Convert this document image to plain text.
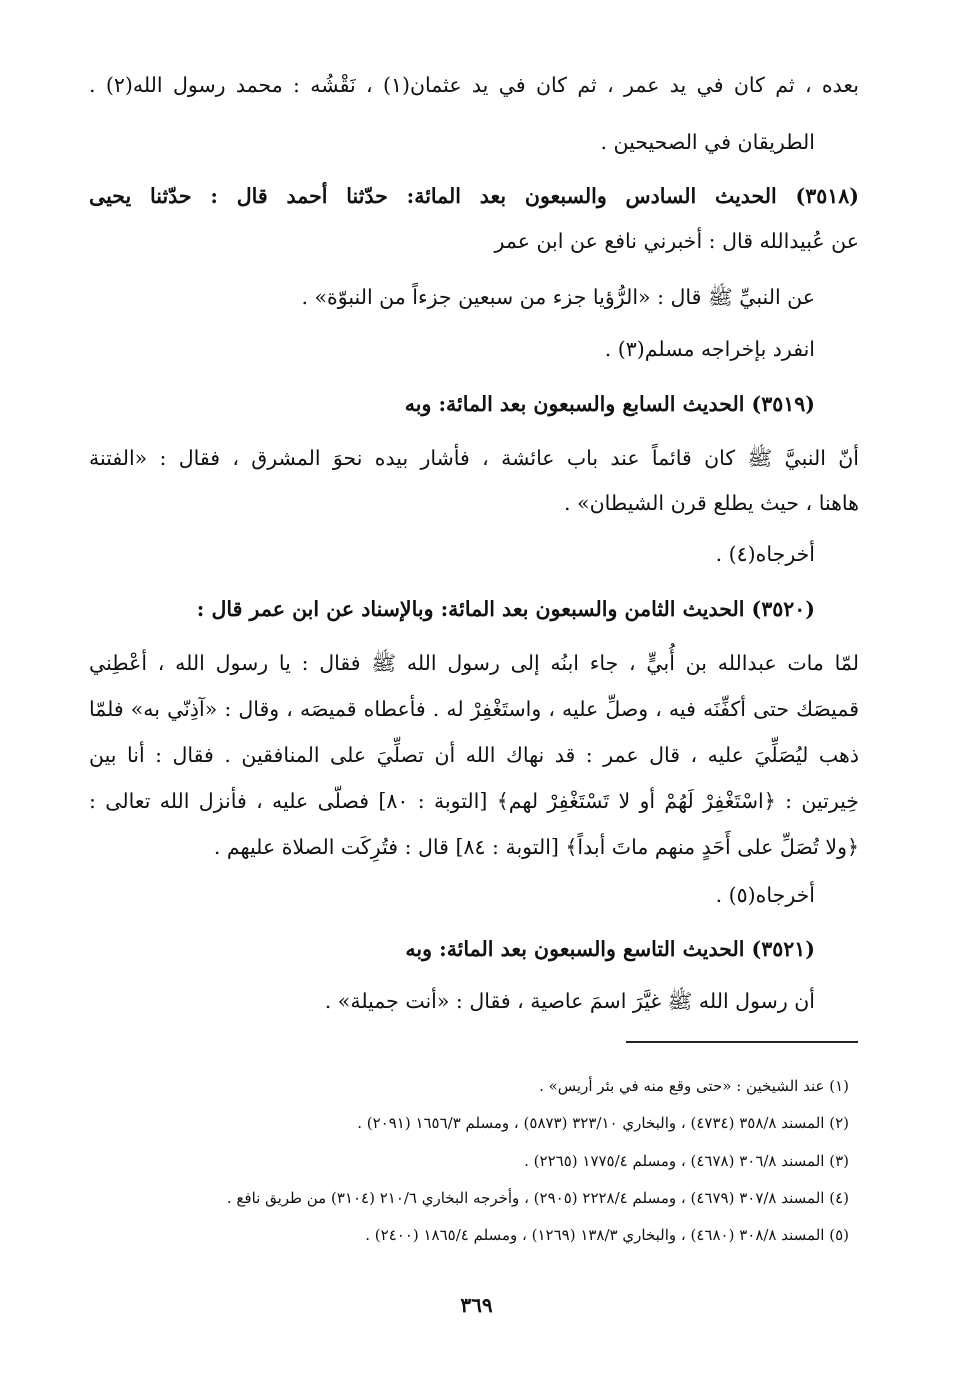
بعده ، ثم كان في يد عمر ، ثم كان في يد عثمان(١) ، نَقْشُه : محمد رسول الله(٢) .
الطريقان في الصحيحين .
(٣٥١٨) الحديث السادس والسبعون بعد المائة: حدّثنا أحمد قال : حدّثنا يحيى
عن عُبيدالله قال : أخبرني نافع عن ابن عمر
عن النبيِّ ﷺ قال : «الرُّؤيا جزء من سبعين جزءاً من النبوّة» .
انفرد بإخراجه مسلم(٣) .
(٣٥١٩) الحديث السابع والسبعون بعد المائة: وبه
أنّ النبيَّ ﷺ كان قائماً عند باب عائشة ، فأشار بيده نحوَ المشرق ، فقال : «الفتنة
هاهنا ، حيث يطلع قرن الشيطان» .
أخرجاه(٤) .
(٣٥٢٠) الحديث الثامن والسبعون بعد المائة: وبالإسناد عن ابن عمر قال :
لمّا مات عبدالله بن أُبيٍّ ، جاء ابنُه إلى رسول الله ﷺ فقال : يا رسول الله ، أعْطِني
قميصَك حتى أكفِّنَه فيه ، وصلِّ عليه ، واستَغْفِرْ له . فأعطاه قميصَه ، وقال : «آذِنّي به» فلمّا
ذهب ليُصَلِّيَ عليه ، قال عمر : قد نهاك الله أن تصلِّيَ على المنافقين . فقال : أنا بين
خِيرتين : ﴿اسْتَغْفِرْ لَهُمْ أو لا تَسْتَغْفِرْ لهم﴾ [التوبة : ٨٠] فصلّى عليه ، فأنزل الله تعالى :
﴿ولا تُصَلِّ على أَحَدٍ منهم ماتَ أبداً﴾ [التوبة : ٨٤] قال : فتُرِكَت الصلاة عليهم .
أخرجاه(٥) .
(٣٥٢١) الحديث التاسع والسبعون بعد المائة: وبه
أن رسول الله ﷺ غيَّرَ اسمَ عاصية ، فقال : «أنت جميلة» .
(١) عند الشيخين : «حتى وقع منه في بئر أريس» .
(٢) المسند ٣٥٨/٨ (٤٧٣٤) ، والبخاري ٣٢٣/١٠ (٥٨٧٣) ، ومسلم ١٦٥٦/٣ (٢٠٩١) .
(٣) المسند ٣٠٦/٨ (٤٦٧٨) ، ومسلم ١٧٧٥/٤ (٢٢٦٥) .
(٤) المسند ٣٠٧/٨ (٤٦٧٩) ، ومسلم ٢٢٢٨/٤ (٢٩٠٥) ، وأخرجه البخاري ٢١٠/٦ (٣١٠٤) من طريق نافع .
(٥) المسند ٣٠٨/٨ (٤٦٨٠) ، والبخاري ١٣٨/٣ (١٢٦٩) ، ومسلم ١٨٦٥/٤ (٢٤٠٠) .
٣٦٩
